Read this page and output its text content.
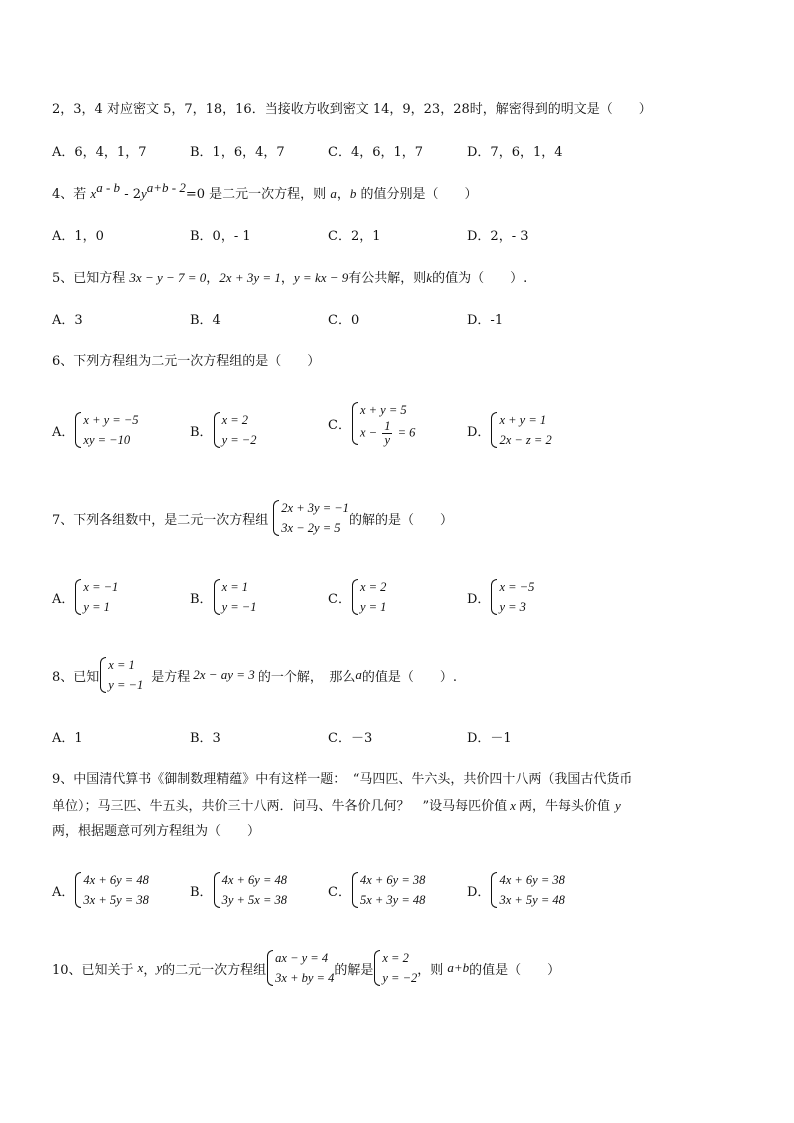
2，3，4 对应密文 5，7，18，16．当接收方收到密文 14，9，23，28时，解密得到的明文是（　　）
A．6，4，1，7	B．1，6，4，7	C．4，6，1，7	D．7，6，1，4
4、若 $x^{a - b} - 2y^{a+b - 2}=0$ 是二元一次方程，则 a，b 的值分别是（　　）
A．1，0	B．0，- 1	C．2，1	D．2，- 3
5、已知方程 3x − y − 7 = 0，2x + 3y = 1，y = kx − 9有公共解，则k的值为（　　）.
A．3	B．4	C．0	D．-1
6、下列方程组为二元一次方程组的是（　　）
A．
x + y = −5
xy = −10
B．
x = 2
y = −2
C．
x + y = 5
$x - \frac{1}{y} = 6$	D．
x + y = 1
2x − z = 2
7、下列各组数中，是二元一次方程组
2x + 3y = −1
3x − 2y = 5
的解的是（　　）
A．
x = −1
y = 1
B．
x = 1
y = −1
C．
x = 2
y = 1
D．
x = −5
y = 3
8、已知
x = 1
y = −1
是方程 2x − ay = 3 的一个解，　那么 a 的值是（　　）.
A．1	B．3	C．－3	D．－1
9、中国清代算书《御制数理精蕴》中有这样一题：　“马四匹、牛六头，共价四十八两（我国古代货币
单位）；马三匹、牛五头，共价三十八两．问马、牛各价几何？　”设马每匹价值 x 两，牛每头价值 y
两，根据题意可列方程组为（　　）
A．
4x + 6y = 48
3x + 5y = 38
B．
4x + 6y = 48
3y + 5x = 38
C．
4x + 6y = 38
5x + 3y = 48
D．
4x + 6y = 38
3x + 5y = 48
10、已知关于 x ， y 的二元一次方程组
ax − y = 4
3x + by = 4
的解是
x = 2
y = −2
，则 a+b 的值是（　　）
